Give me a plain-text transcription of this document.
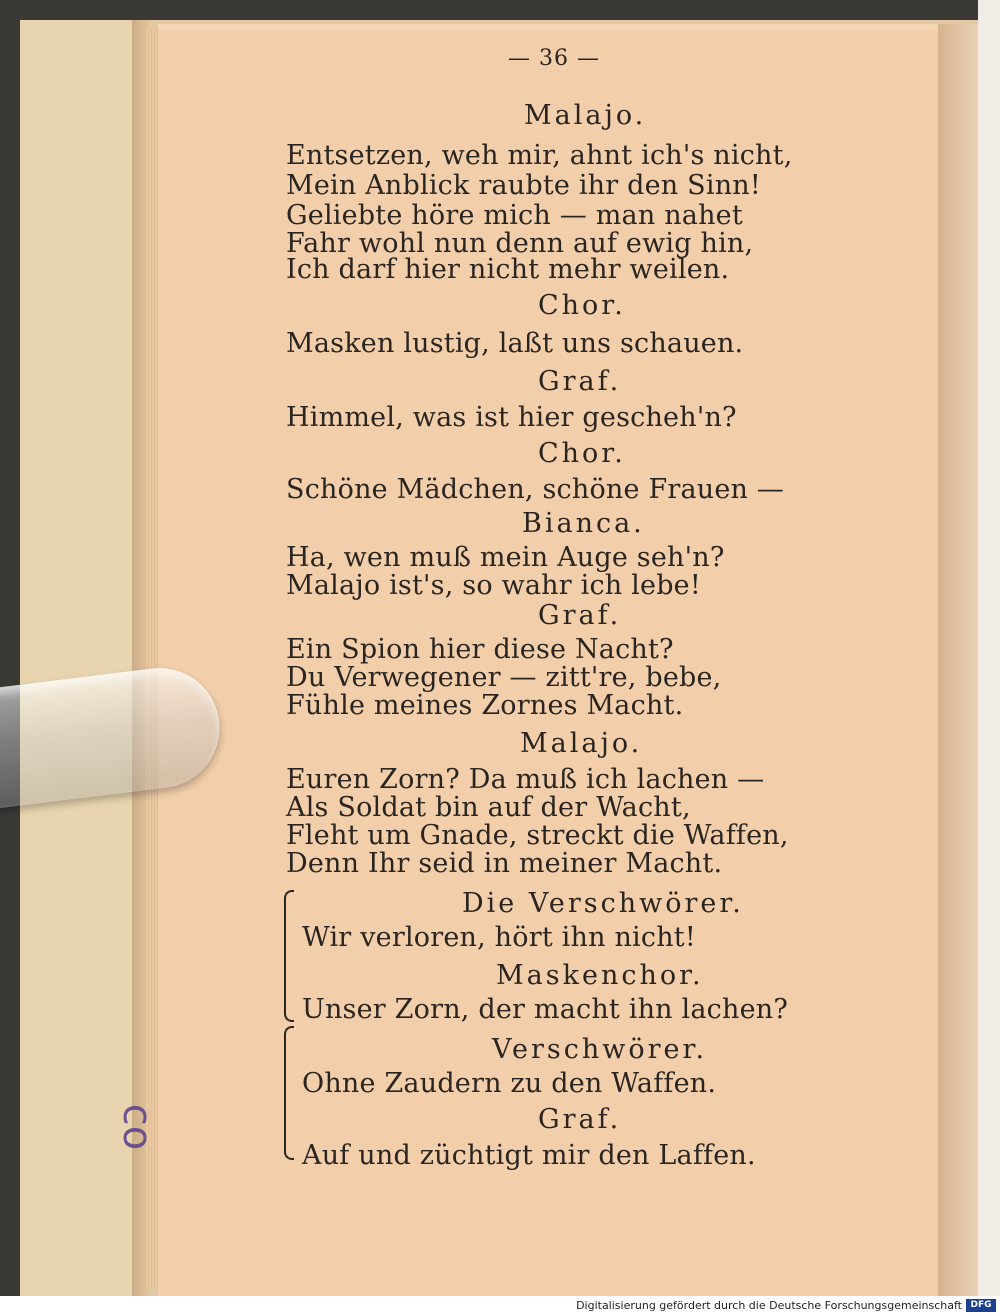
co
— 36 —
Malajo.
Entsetzen, weh mir, ahnt ich's nicht,
Mein Anblick raubte ihr den Sinn!
Geliebte höre mich — man nahet
Fahr wohl nun denn auf ewig hin,
Ich darf hier nicht mehr weilen.
Chor.
Masken lustig, laßt uns schauen.
Graf.
Himmel, was ist hier gescheh'n?
Chor.
Schöne Mädchen, schöne Frauen —
Bianca.
Ha, wen muß mein Auge seh'n?
Malajo ist's, so wahr ich lebe!
Graf.
Ein Spion hier diese Nacht?
Du Verwegener — zitt're, bebe,
Fühle meines Zornes Macht.
Malajo.
Euren Zorn? Da muß ich lachen —
Als Soldat bin auf der Wacht,
Fleht um Gnade, streckt die Waffen,
Denn Ihr seid in meiner Macht.
Die Verschwörer.
Wir verloren, hört ihn nicht!
Maskenchor.
Unser Zorn, der macht ihn lachen?
Verschwörer.
Ohne Zaudern zu den Waffen.
Graf.
Auf und züchtigt mir den Laffen.
Digitalisierung gefördert durch die Deutsche Forschungsgemeinschaft DFG
